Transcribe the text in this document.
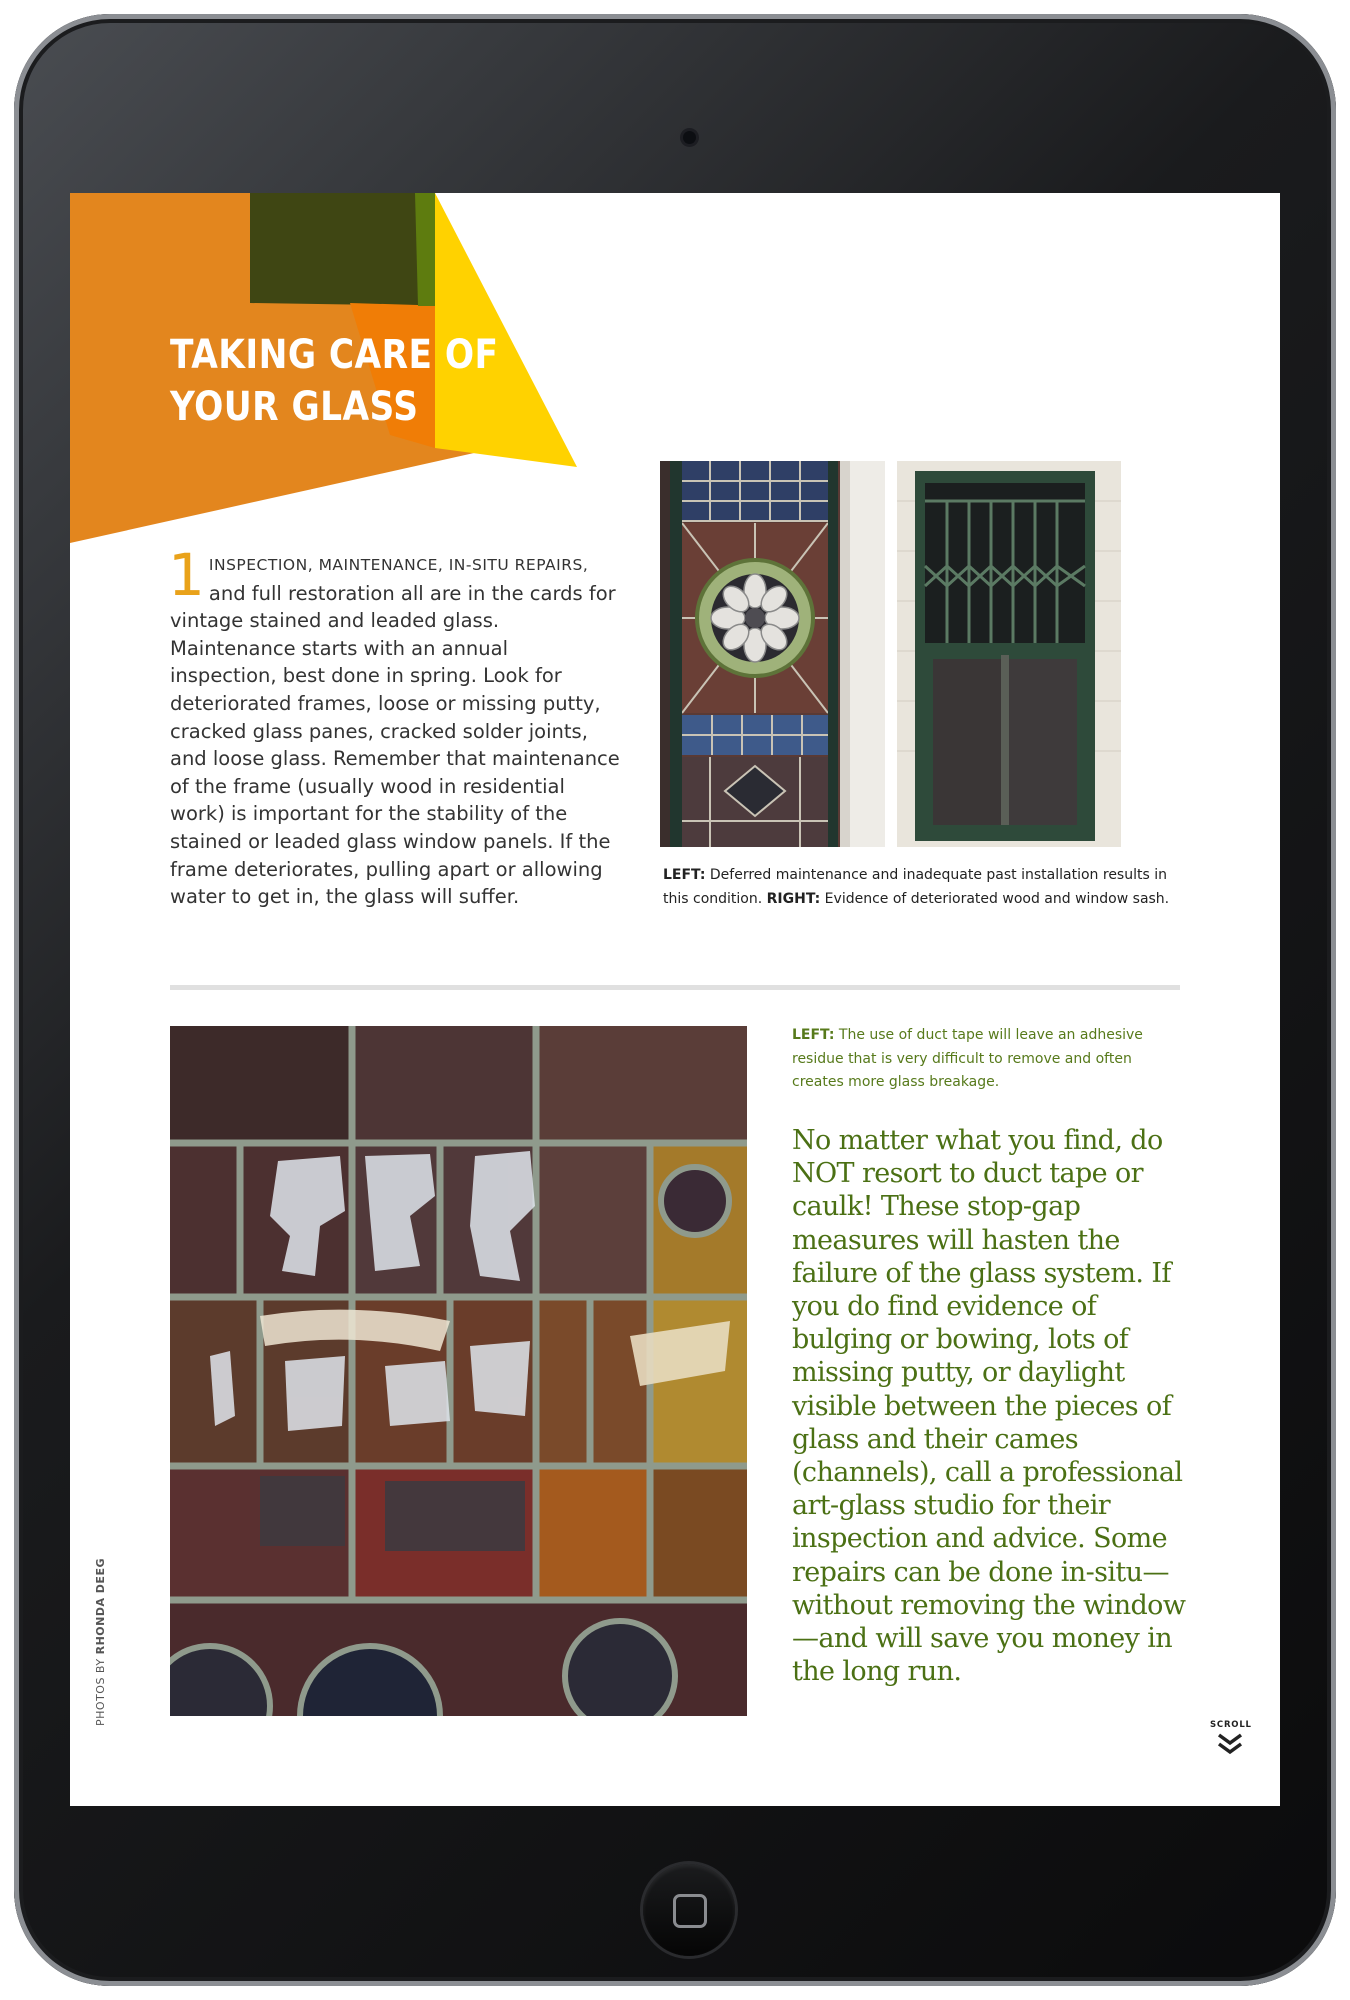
TAKING CARE OF
YOUR GLASS

1 INSPECTION, MAINTENANCE, IN-SITU REPAIRS, and full restoration all are in the cards for vintage stained and leaded glass. Maintenance starts with an annual inspection, best done in spring. Look for deteriorated frames, loose or missing putty, cracked glass panes, cracked solder joints, and loose glass. Remember that maintenance of the frame (usually wood in residential work) is important for the stability of the stained or leaded glass window panels. If the frame deteriorates, pulling apart or allowing water to get in, the glass will suffer.

LEFT: Deferred maintenance and inadequate past installation results in this condition. RIGHT: Evidence of deteriorated wood and window sash.

LEFT: The use of duct tape will leave an adhesive residue that is very difficult to remove and often creates more glass breakage.

No matter what you find, do NOT resort to duct tape or caulk! These stop-gap measures will hasten the failure of the glass system. If you do find evidence of bulging or bowing, lots of missing putty, or daylight visible between the pieces of glass and their cames (channels), call a professional art-glass studio for their inspection and advice. Some repairs can be done in-situ—without removing the window—and will save you money in the long run.

PHOTOS BY RHONDA DEEG
SCROLL
